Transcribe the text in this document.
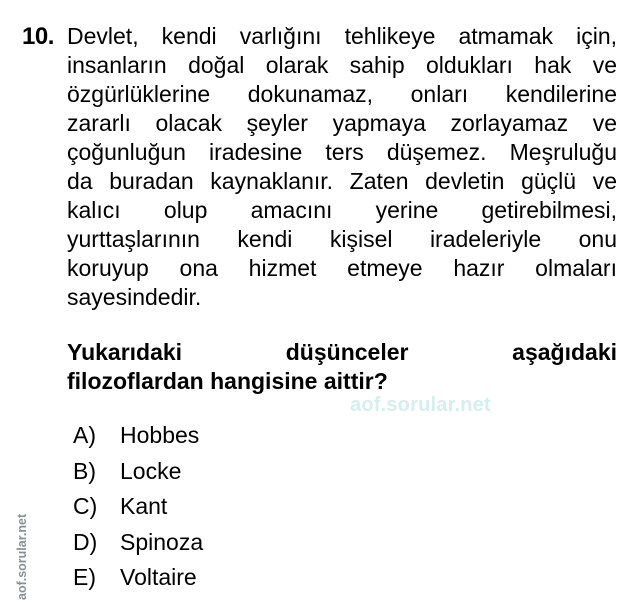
10. Devlet, kendi varlığını tehlikeye atmamak için,
insanların doğal olarak sahip oldukları hak ve
özgürlüklerine dokunamaz, onları kendilerine
zararlı olacak şeyler yapmaya zorlayamaz ve
çoğunluğun iradesine ters düşemez. Meşruluğu
da buradan kaynaklanır. Zaten devletin güçlü ve
kalıcı olup amacını yerine getirebilmesi,
yurttaşlarının kendi kişisel iradeleriyle onu
koruyup ona hizmet etmeye hazır olmaları
sayesindedir.
Yukarıdaki düşünceler aşağıdaki
filozoflardan hangisine aittir?
aof.sorular.net
A)	Hobbes
B)	Locke
C) Kant
D) Spinoza
E)	Voltaire
aof.sorular.net
